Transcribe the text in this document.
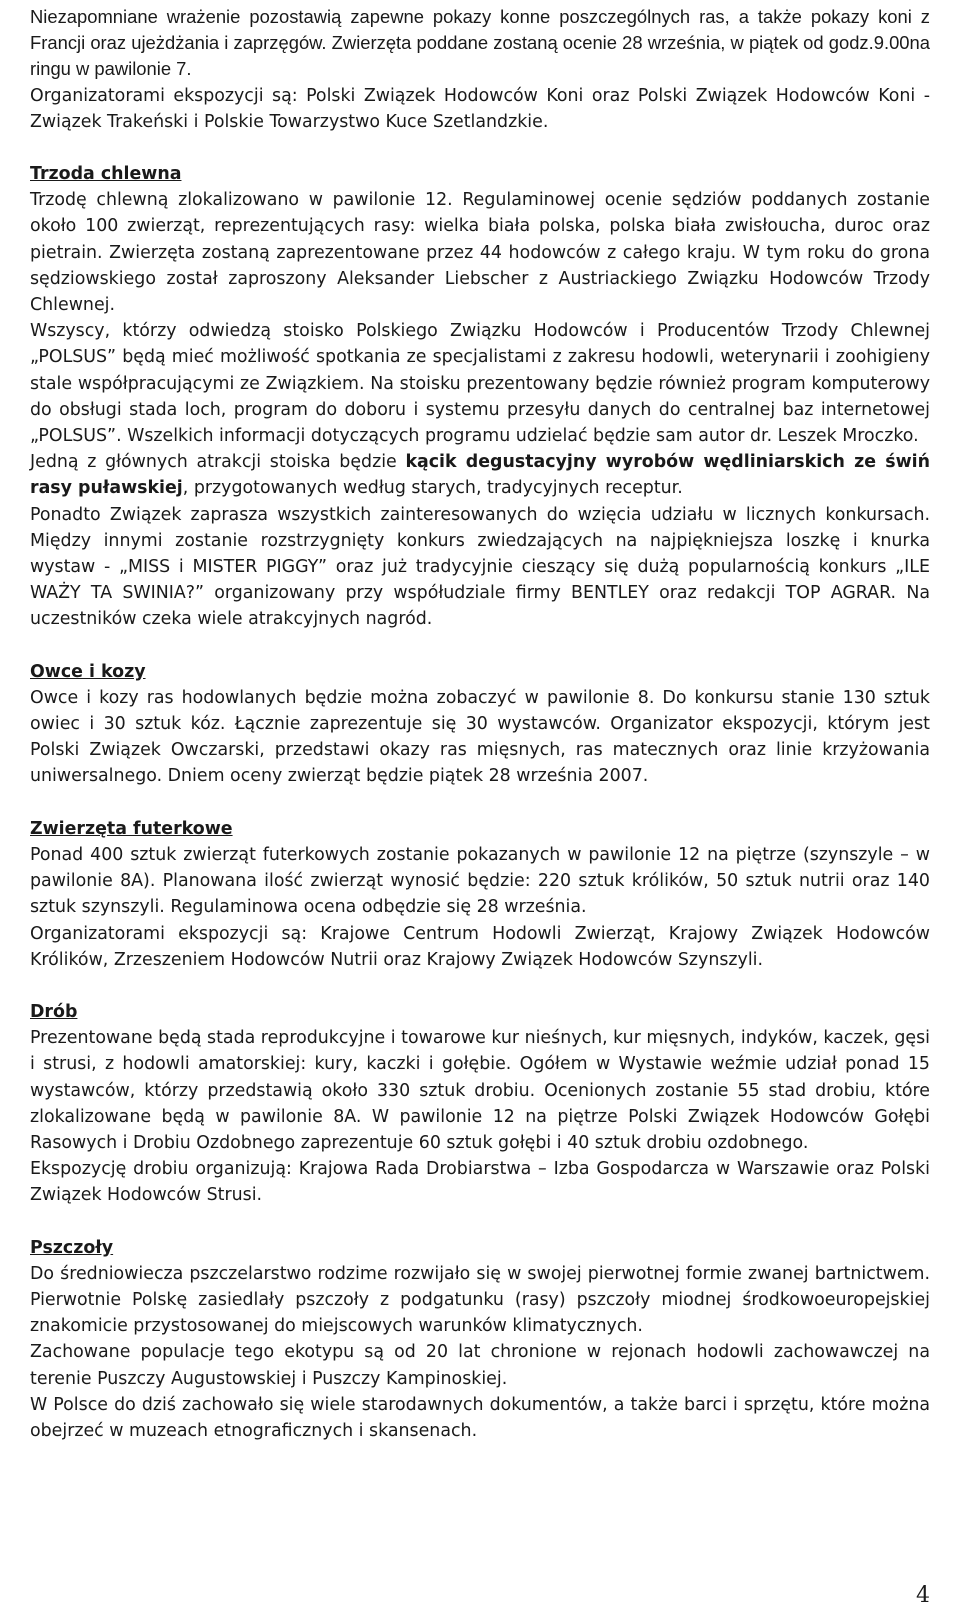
Niezapomniane wrażenie pozostawią zapewne pokazy konne poszczególnych ras, a także pokazy koni z Francji oraz ujeżdżania i zaprzęgów. Zwierzęta poddane zostaną ocenie 28 września, w piątek od godz.9.00na ringu w pawilonie 7.

Organizatorami ekspozycji są: Polski Związek Hodowców Koni oraz Polski Związek Hodowców Koni - Związek Trakeński i Polskie Towarzystwo Kuce Szetlandzkie.

Trzoda chlewna

Trzodę chlewną zlokalizowano w pawilonie 12. Regulaminowej ocenie sędziów poddanych zostanie około 100 zwierząt, reprezentujących rasy: wielka biała polska, polska biała zwisłoucha, duroc oraz pietrain. Zwierzęta zostaną zaprezentowane przez 44 hodowców z całego kraju. W tym roku do grona sędziowskiego został zaproszony Aleksander Liebscher z Austriackiego Związku Hodowców Trzody Chlewnej.

Wszyscy, którzy odwiedzą stoisko Polskiego Związku Hodowców i Producentów Trzody Chlewnej „POLSUS” będą mieć możliwość spotkania ze specjalistami z zakresu hodowli, weterynarii i zoohigieny stale współpracującymi ze Związkiem. Na stoisku prezentowany będzie również program komputerowy do obsługi stada loch, program do doboru i systemu przesyłu danych do centralnej baz internetowej „POLSUS”. Wszelkich informacji dotyczących programu udzielać będzie sam autor dr. Leszek Mroczko.

Jedną z głównych atrakcji stoiska będzie kącik degustacyjny wyrobów wędliniarskich ze świń rasy puławskiej, przygotowanych według starych, tradycyjnych receptur.

Ponadto Związek zaprasza wszystkich zainteresowanych do wzięcia udziału w licznych konkursach. Między innymi zostanie rozstrzygnięty konkurs zwiedzających na najpiękniejsza loszkę i knurka wystaw - „MISS i MISTER PIGGY” oraz już tradycyjnie cieszący się dużą popularnością konkurs „ILE WAŻY TA SWINIA?” organizowany przy współudziale firmy BENTLEY oraz redakcji TOP AGRAR. Na uczestników czeka wiele atrakcyjnych nagród.

Owce i kozy

Owce i kozy ras hodowlanych będzie można zobaczyć w pawilonie 8. Do konkursu stanie 130 sztuk owiec i 30 sztuk kóz. Łącznie zaprezentuje się 30 wystawców. Organizator ekspozycji, którym jest Polski Związek Owczarski, przedstawi okazy ras mięsnych, ras matecznych oraz linie krzyżowania uniwersalnego. Dniem oceny zwierząt będzie piątek 28 września 2007.

Zwierzęta futerkowe

Ponad 400 sztuk zwierząt futerkowych zostanie pokazanych w pawilonie 12 na piętrze (szynszyle – w pawilonie 8A). Planowana ilość zwierząt wynosić będzie: 220 sztuk królików, 50 sztuk nutrii oraz 140 sztuk szynszyli. Regulaminowa ocena odbędzie się 28 września.

Organizatorami ekspozycji są: Krajowe Centrum Hodowli Zwierząt, Krajowy Związek Hodowców Królików, Zrzeszeniem Hodowców Nutrii oraz Krajowy Związek Hodowców Szynszyli.

Drób

Prezentowane będą stada reprodukcyjne i towarowe kur nieśnych, kur mięsnych, indyków, kaczek, gęsi i strusi, z hodowli amatorskiej: kury, kaczki i gołębie. Ogółem w Wystawie weźmie udział ponad 15 wystawców, którzy przedstawią około 330 sztuk drobiu. Ocenionych zostanie 55 stad drobiu, które zlokalizowane będą w pawilonie 8A. W pawilonie 12 na piętrze Polski Związek Hodowców Gołębi Rasowych i Drobiu Ozdobnego zaprezentuje 60 sztuk gołębi i 40 sztuk drobiu ozdobnego.

Ekspozycję drobiu organizują: Krajowa Rada Drobiarstwa – Izba Gospodarcza w Warszawie oraz Polski Związek Hodowców Strusi.

Pszczoły

Do średniowiecza pszczelarstwo rodzime rozwijało się w swojej pierwotnej formie zwanej bartnictwem. Pierwotnie Polskę zasiedlały pszczoły z podgatunku (rasy) pszczoły miodnej środkowoeuropejskiej znakomicie przystosowanej do miejscowych warunków klimatycznych.

Zachowane populacje tego ekotypu są od 20 lat chronione w rejonach hodowli zachowawczej na terenie Puszczy Augustowskiej i Puszczy Kampinoskiej.

W Polsce do dziś zachowało się wiele starodawnych dokumentów, a także barci i sprzętu, które można obejrzeć w muzeach etnograficznych i skansenach.

4
